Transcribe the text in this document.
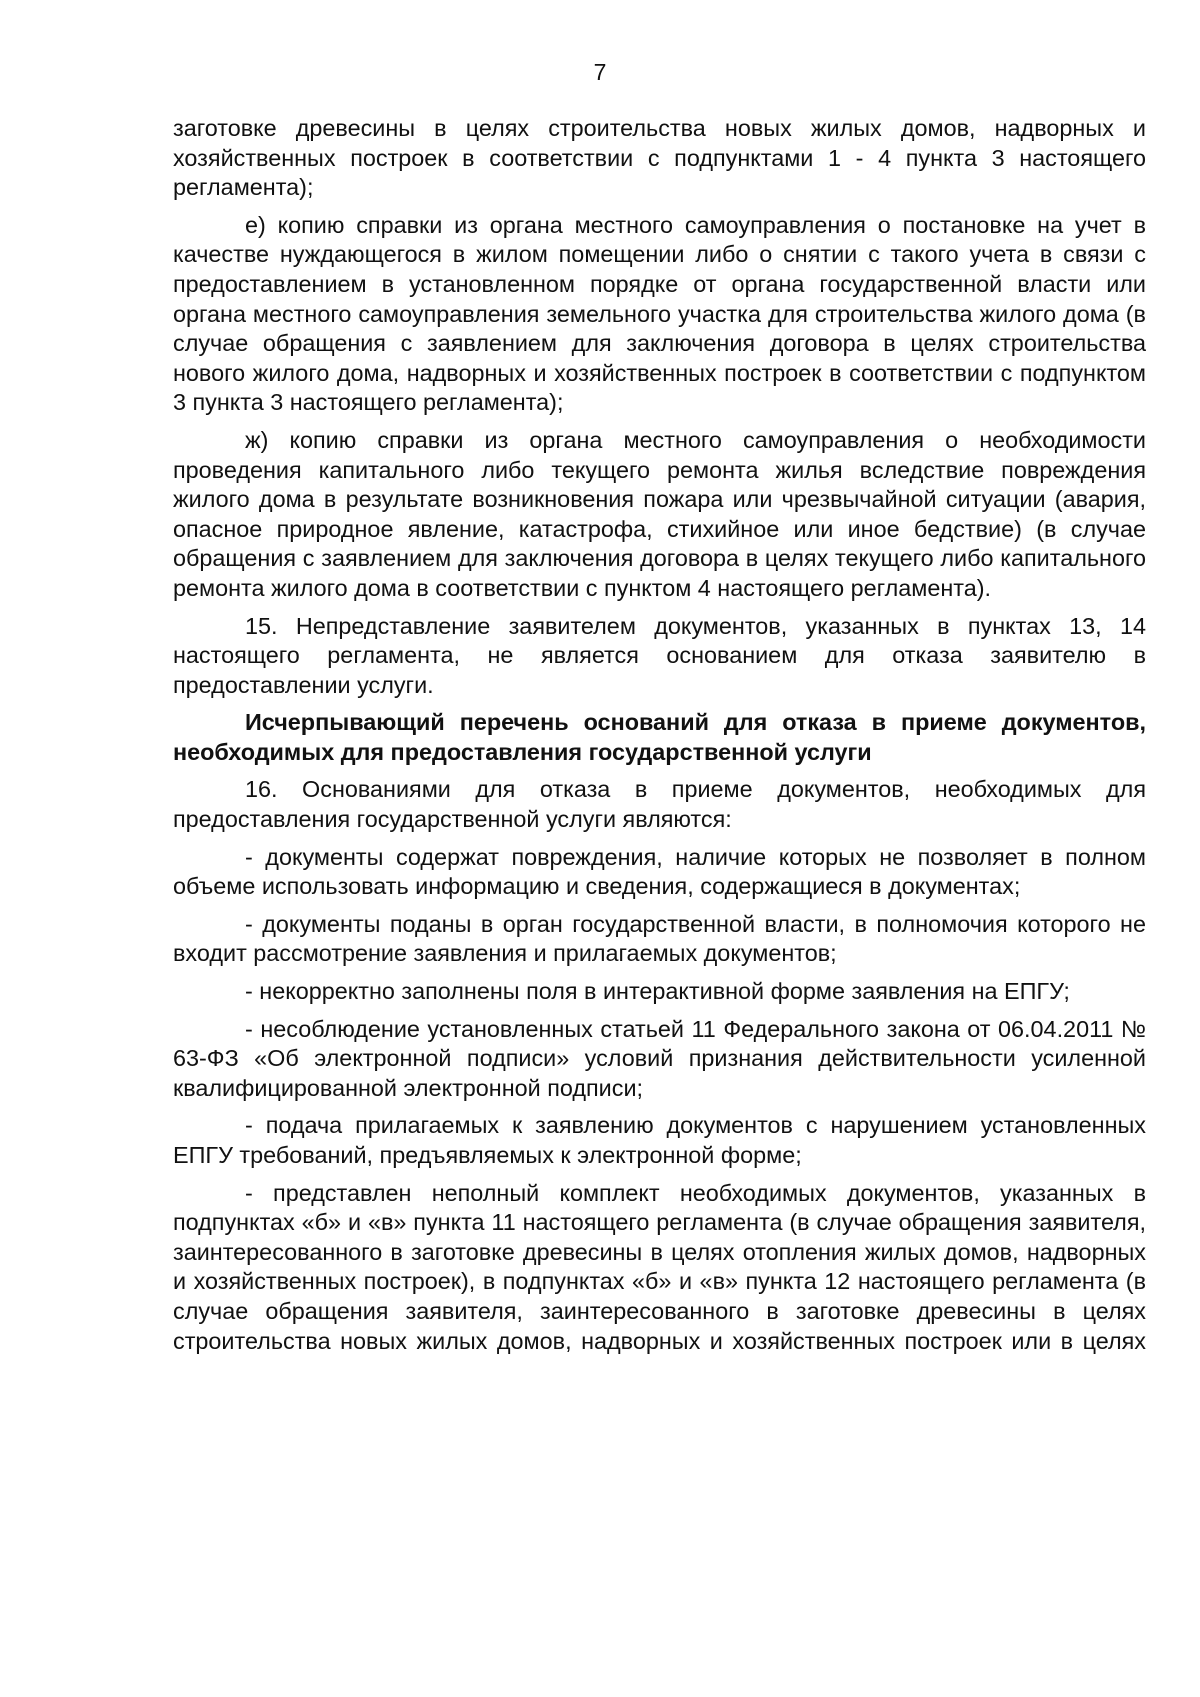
7

заготовке древесины в целях строительства новых жилых домов, надворных и хозяйственных построек в соответствии с подпунктами 1 - 4 пункта 3 настоящего регламента);

е) копию справки из органа местного самоуправления о постановке на учет в качестве нуждающегося в жилом помещении либо о снятии с такого учета в связи с предоставлением в установленном порядке от органа государственной власти или органа местного самоуправления земельного участка для строительства жилого дома (в случае обращения с заявлением для заключения договора в целях строительства нового жилого дома, надворных и хозяйственных построек в соответствии с подпунктом 3 пункта 3 настоящего регламента);

ж) копию справки из органа местного самоуправления о необходимости проведения капитального либо текущего ремонта жилья вследствие повреждения жилого дома в результате возникновения пожара или чрезвычайной ситуации (авария, опасное природное явление, катастрофа, стихийное или иное бедствие) (в случае обращения с заявлением для заключения договора в целях текущего либо капитального ремонта жилого дома в соответствии с пунктом 4 настоящего регламента).

15. Непредставление заявителем документов, указанных в пунктах 13, 14 настоящего регламента, не является основанием для отказа заявителю в предоставлении услуги.

Исчерпывающий перечень оснований для отказа в приеме документов, необходимых для предоставления государственной услуги

16. Основаниями для отказа в приеме документов, необходимых для предоставления государственной услуги являются:

- документы содержат повреждения, наличие которых не позволяет в полном объеме использовать информацию и сведения, содержащиеся в документах;

- документы поданы в орган государственной власти, в полномочия которого не входит рассмотрение заявления и прилагаемых документов;

- некорректно заполнены поля в интерактивной форме заявления на ЕПГУ;

- несоблюдение установленных статьей 11 Федерального закона от 06.04.2011 № 63-ФЗ «Об электронной подписи» условий признания действительности усиленной квалифицированной электронной подписи;

- подача прилагаемых к заявлению документов с нарушением установленных ЕПГУ требований, предъявляемых к электронной форме;

- представлен неполный комплект необходимых документов, указанных в подпунктах «б» и «в» пункта 11 настоящего регламента (в случае обращения заявителя, заинтересованного в заготовке древесины в целях отопления жилых домов, надворных и хозяйственных построек), в подпунктах «б» и «в» пункта 12 настоящего регламента (в случае обращения заявителя, заинтересованного в заготовке древесины в целях строительства новых жилых домов, надворных и хозяйственных построек или в целях
